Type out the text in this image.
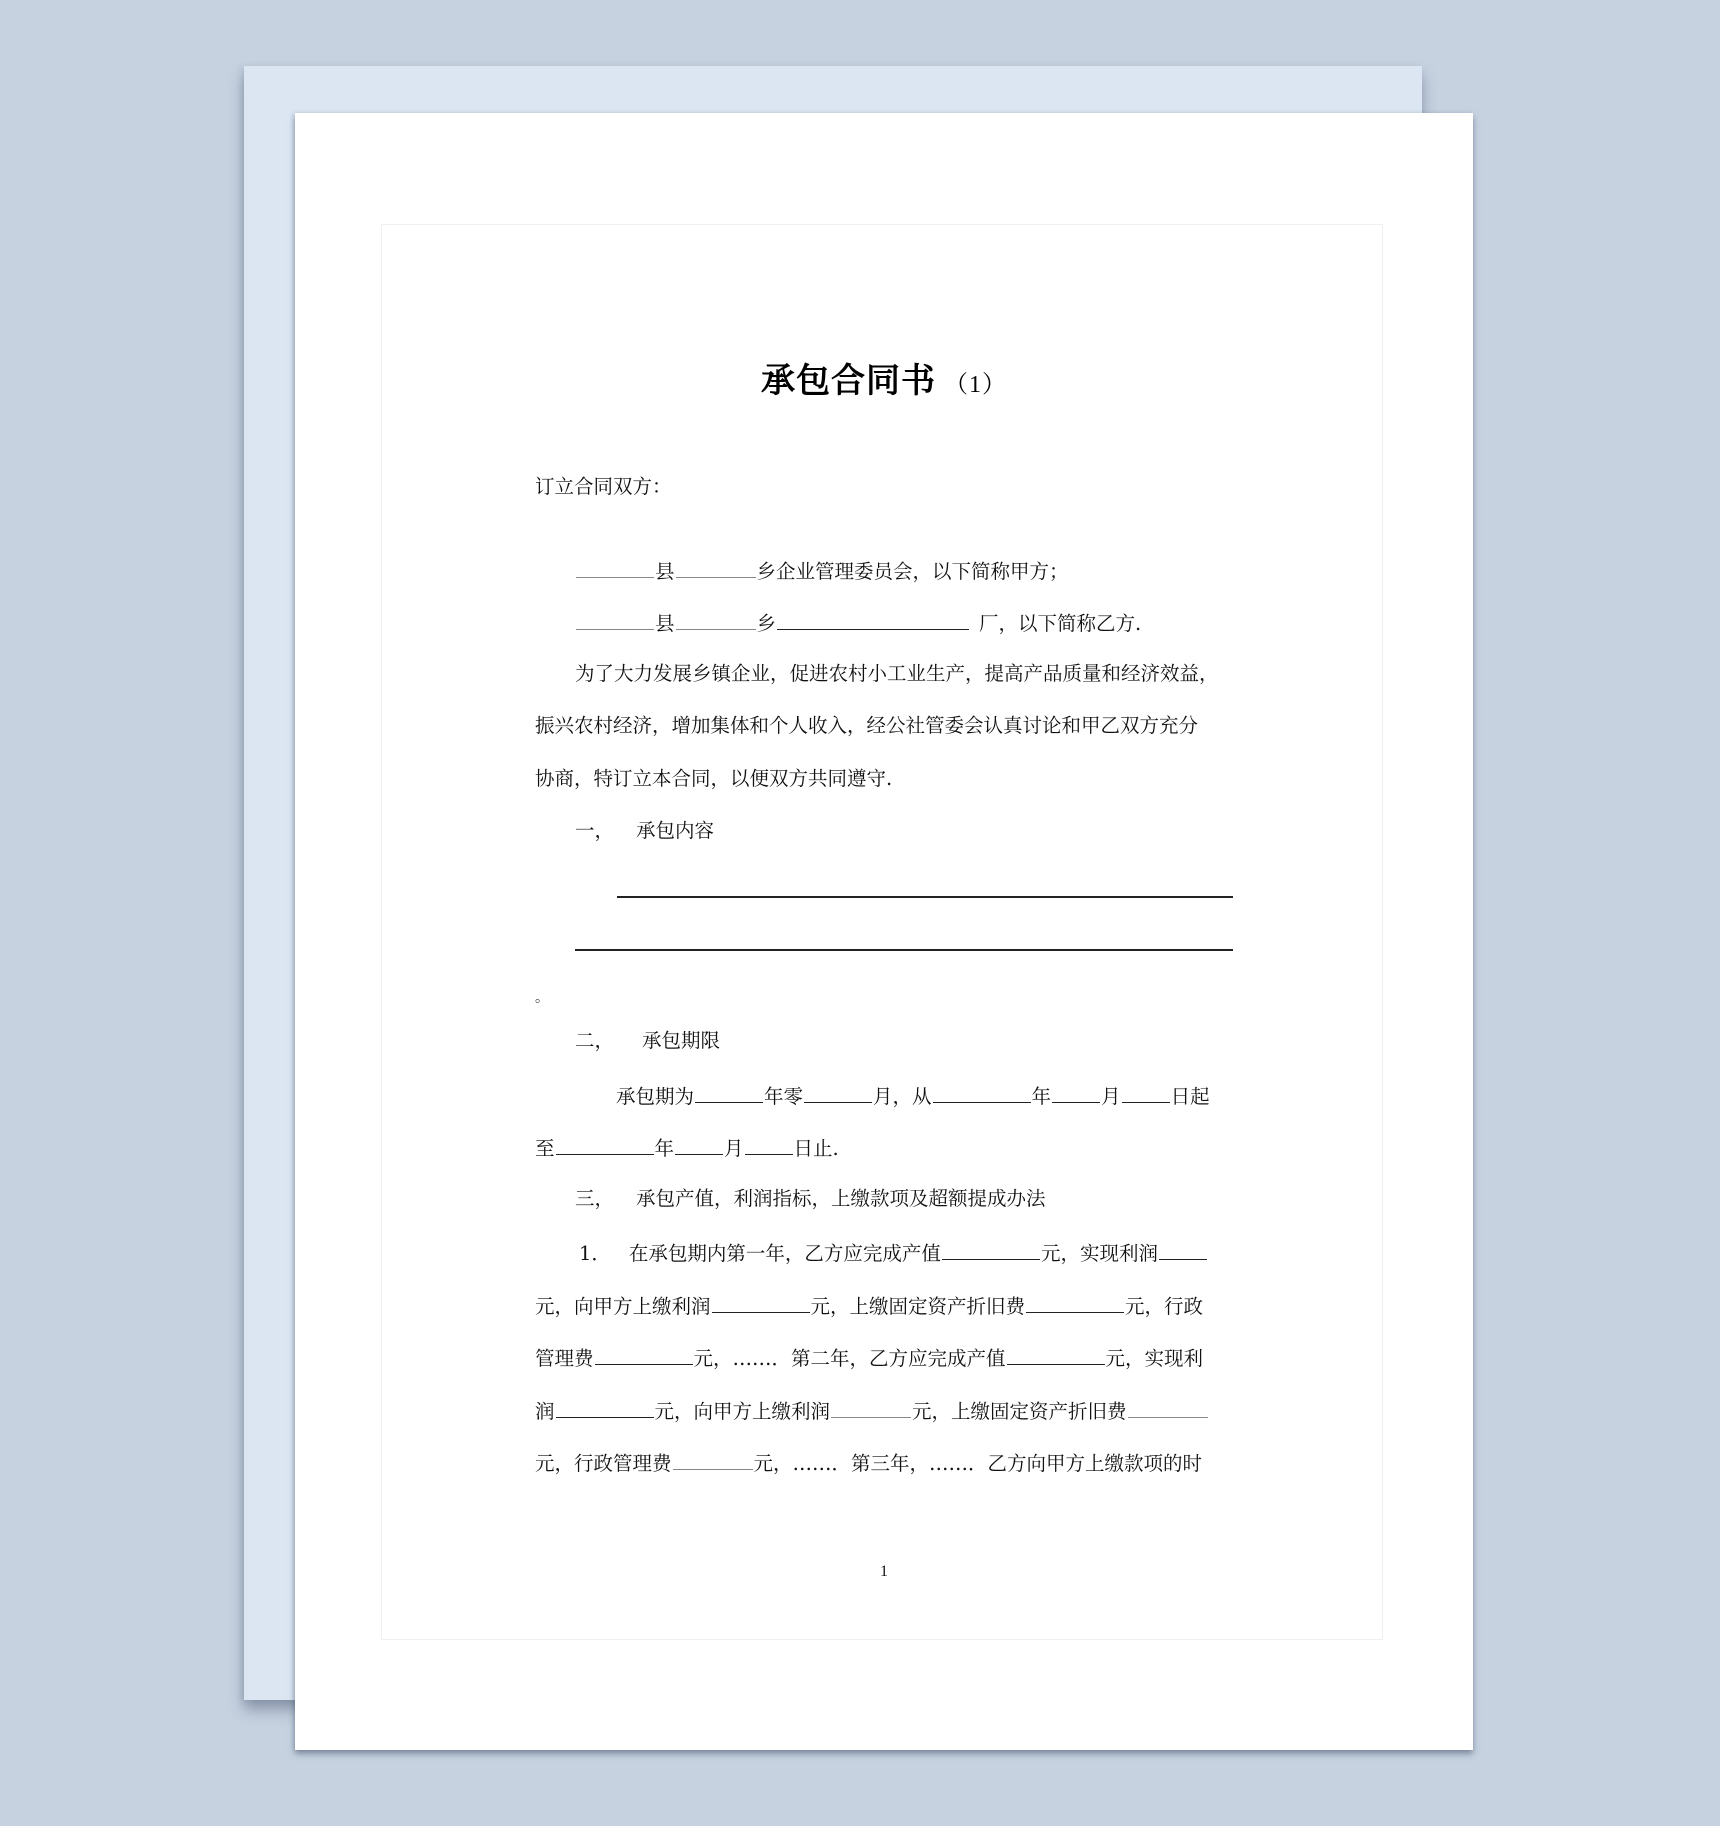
承包合同书 （1）
订立合同双方：
县	乡企业管理委员会，以下简称甲方；
县	乡	厂，以下简称乙方.
为了大力发展乡镇企业，促进农村小工业生产，提高产品质量和经济效益，
振兴农村经济，增加集体和个人收入，经公社管委会认真讨论和甲乙双方充分
协商，特订立本合同，以便双方共同遵守.
一， 承包内容
。
二， 承包期限
承包期为	年零	月，从	年	月	日起
至	年	月	日止.
三， 承包产值，利润指标，上缴款项及超额提成办法
1． 在承包期内第一年，乙方应完成产值	元，实现利润
元，向甲方上缴利润	元，上缴固定资产折旧费	元，行政
管理费	元，……．第二年，乙方应完成产值	元，实现利
润	元，向甲方上缴利润	元，上缴固定资产折旧费
元，行政管理费	元，……．第三年，……．乙方向甲方上缴款项的时
1
